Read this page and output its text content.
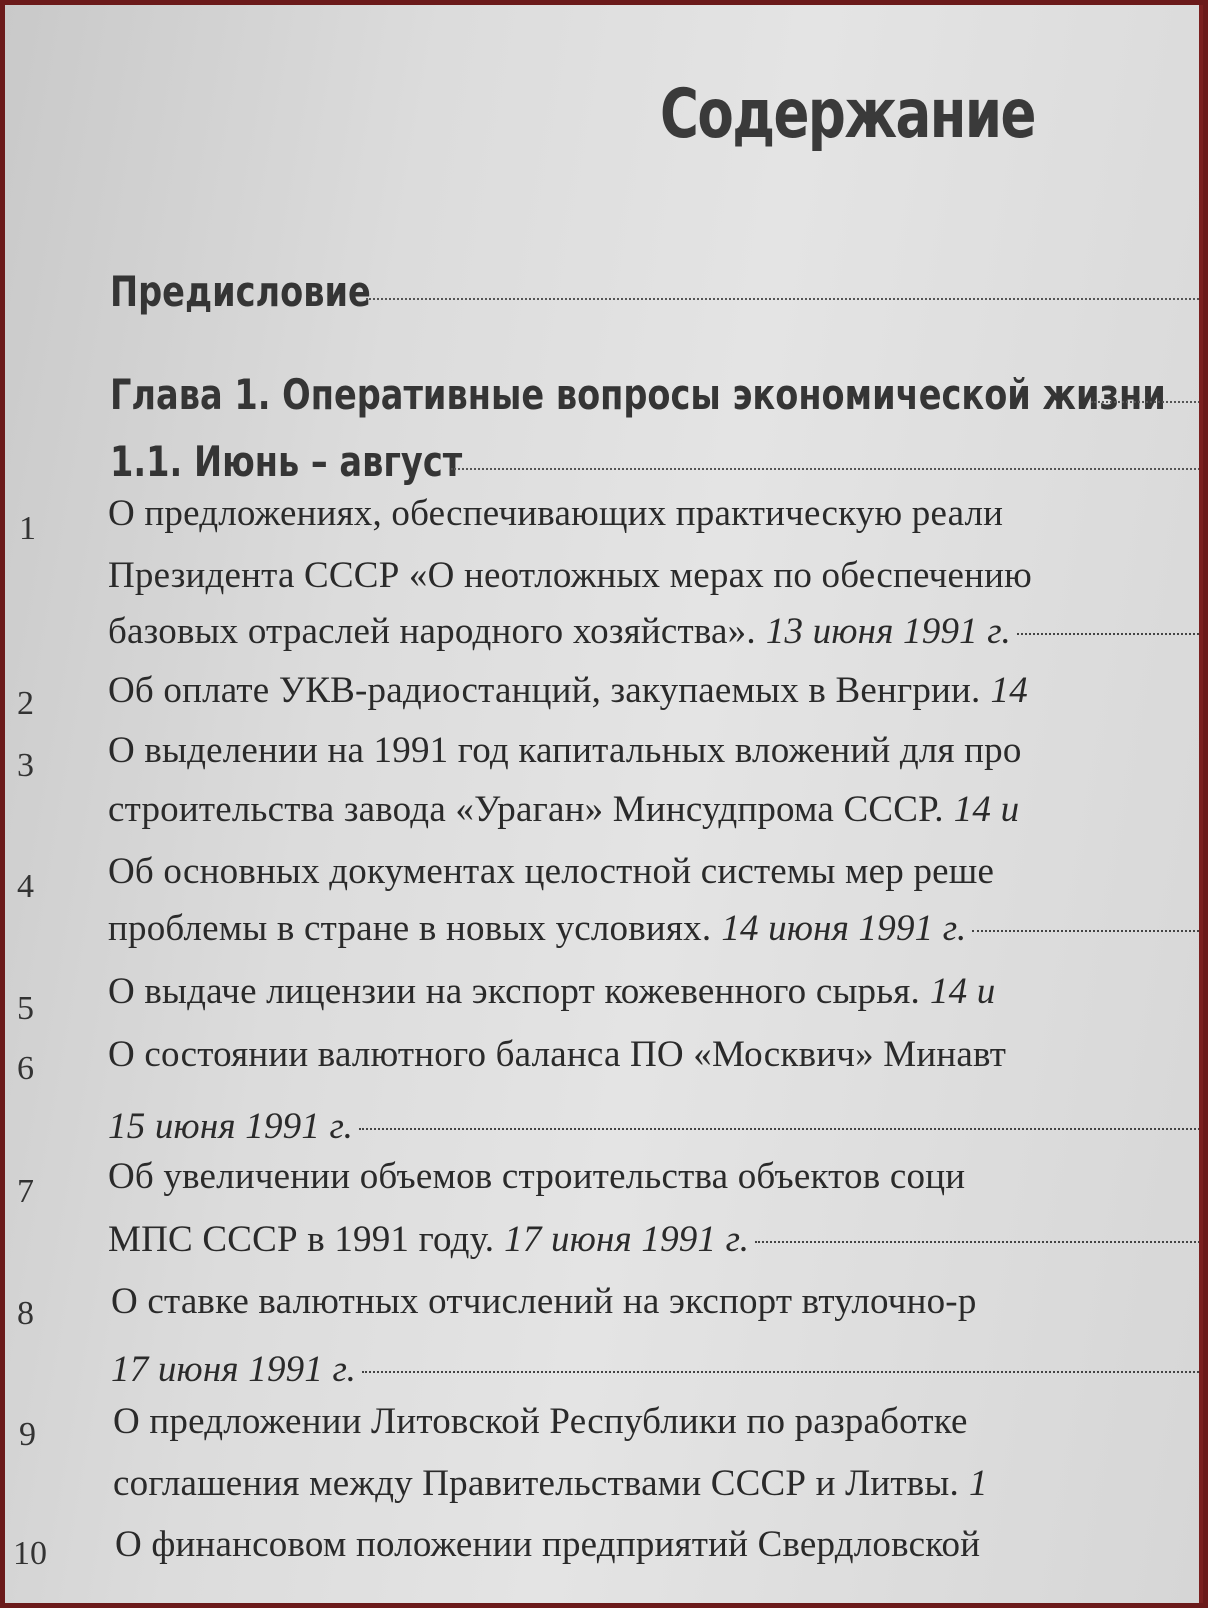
Содержание
Предисловие
Глава 1. Оперативные вопросы экономической жизни
1.1. Июнь – август
1 О предложениях, обеспечивающих практическую реали
Президента СССР «О неотложных мерах по обеспечению
базовых отраслей народного хозяйства». 13 июня 1991 г.
2 Об оплате УКВ-радиостанций, закупаемых в Венгрии. 14
3 О выделении на 1991 год капитальных вложений для про
строительства завода «Ураган» Минсудпрома СССР. 14 и
4 Об основных документах целостной системы мер реше
проблемы в стране в новых условиях. 14 июня 1991 г.
5 О выдаче лицензии на экспорт кожевенного сырья. 14 и
6 О состоянии валютного баланса ПО «Москвич» Минавт
15 июня 1991 г.
7 Об увеличении объемов строительства объектов соци
МПС СССР в 1991 году. 17 июня 1991 г.
8 О ставке валютных отчислений на экспорт втулочно-р
17 июня 1991 г.
9 О предложении Литовской Республики по разработке
соглашения между Правительствами СССР и Литвы. 1
10 О финансовом положении предприятий Свердловской
